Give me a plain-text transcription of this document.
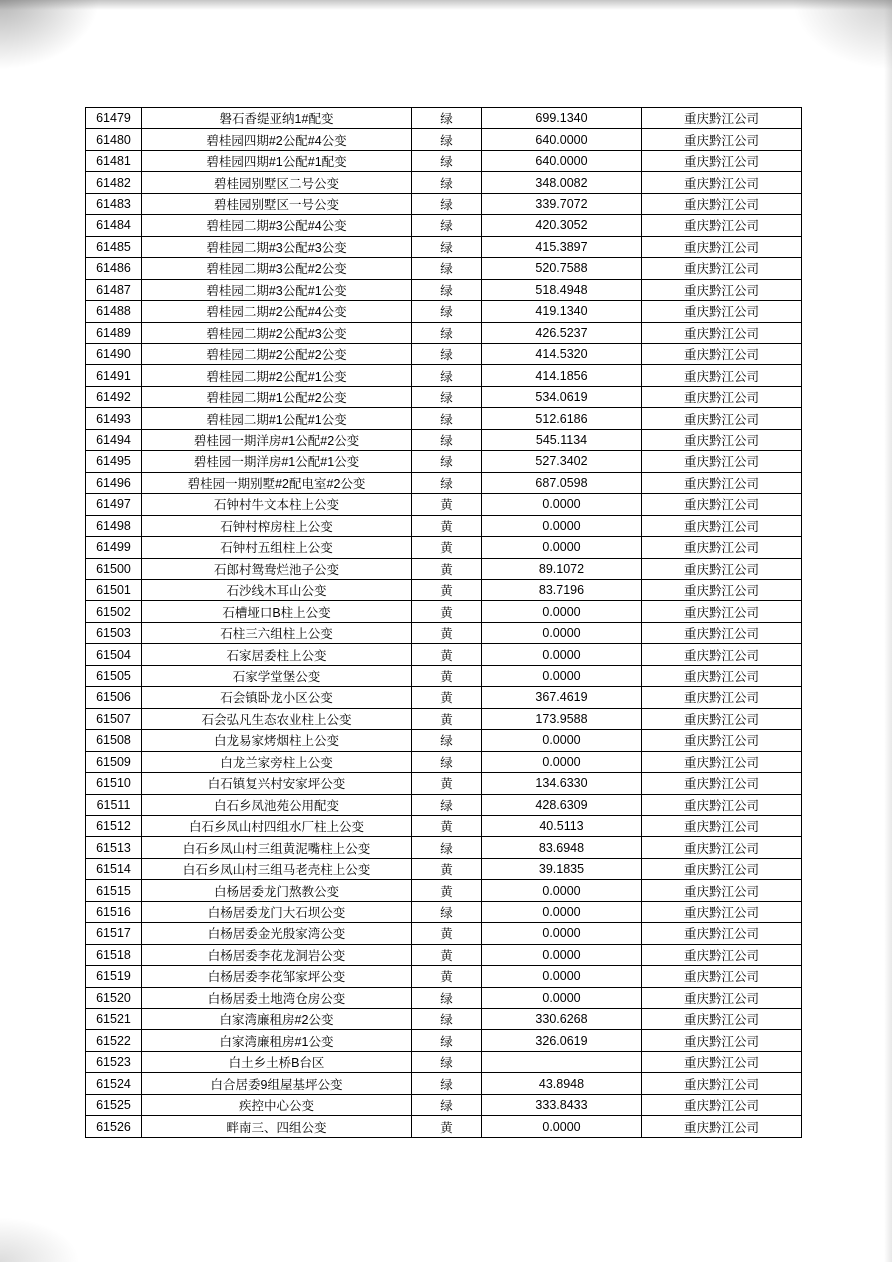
61479	磐石香缇亚纳1#配变	绿	699.1340	重庆黔江公司
61480	碧桂园四期#2公配#4公变	绿	640.0000	重庆黔江公司
61481	碧桂园四期#1公配#1配变	绿	640.0000	重庆黔江公司
61482	碧桂园别墅区二号公变	绿	348.0082	重庆黔江公司
61483	碧桂园别墅区一号公变	绿	339.7072	重庆黔江公司
61484	碧桂园二期#3公配#4公变	绿	420.3052	重庆黔江公司
61485	碧桂园二期#3公配#3公变	绿	415.3897	重庆黔江公司
61486	碧桂园二期#3公配#2公变	绿	520.7588	重庆黔江公司
61487	碧桂园二期#3公配#1公变	绿	518.4948	重庆黔江公司
61488	碧桂园二期#2公配#4公变	绿	419.1340	重庆黔江公司
61489	碧桂园二期#2公配#3公变	绿	426.5237	重庆黔江公司
61490	碧桂园二期#2公配#2公变	绿	414.5320	重庆黔江公司
61491	碧桂园二期#2公配#1公变	绿	414.1856	重庆黔江公司
61492	碧桂园二期#1公配#2公变	绿	534.0619	重庆黔江公司
61493	碧桂园二期#1公配#1公变	绿	512.6186	重庆黔江公司
61494	碧桂园一期洋房#1公配#2公变	绿	545.1134	重庆黔江公司
61495	碧桂园一期洋房#1公配#1公变	绿	527.3402	重庆黔江公司
61496	碧桂园一期别墅#2配电室#2公变	绿	687.0598	重庆黔江公司
61497	石钟村牛文本柱上公变	黄	0.0000	重庆黔江公司
61498	石钟村榨房柱上公变	黄	0.0000	重庆黔江公司
61499	石钟村五组柱上公变	黄	0.0000	重庆黔江公司
61500	石郎村鸳鸯烂池子公变	黄	89.1072	重庆黔江公司
61501	石沙线木耳山公变	黄	83.7196	重庆黔江公司
61502	石槽垭口B柱上公变	黄	0.0000	重庆黔江公司
61503	石柱三六组柱上公变	黄	0.0000	重庆黔江公司
61504	石家居委柱上公变	黄	0.0000	重庆黔江公司
61505	石家学堂堡公变	黄	0.0000	重庆黔江公司
61506	石会镇卧龙小区公变	黄	367.4619	重庆黔江公司
61507	石会弘凡生态农业柱上公变	黄	173.9588	重庆黔江公司
61508	白龙易家烤烟柱上公变	绿	0.0000	重庆黔江公司
61509	白龙兰家旁柱上公变	绿	0.0000	重庆黔江公司
61510	白石镇复兴村安家坪公变	黄	134.6330	重庆黔江公司
61511	白石乡凤池苑公用配变	绿	428.6309	重庆黔江公司
61512	白石乡凤山村四组水厂柱上公变	黄	40.5113	重庆黔江公司
61513	白石乡凤山村三组黄泥嘴柱上公变	绿	83.6948	重庆黔江公司
61514	白石乡凤山村三组马老壳柱上公变	黄	39.1835	重庆黔江公司
61515	白杨居委龙门熬教公变	黄	0.0000	重庆黔江公司
61516	白杨居委龙门大石坝公变	绿	0.0000	重庆黔江公司
61517	白杨居委金光殷家湾公变	黄	0.0000	重庆黔江公司
61518	白杨居委李花龙洞岩公变	黄	0.0000	重庆黔江公司
61519	白杨居委李花邹家坪公变	黄	0.0000	重庆黔江公司
61520	白杨居委土地湾仓房公变	绿	0.0000	重庆黔江公司
61521	白家湾廉租房#2公变	绿	330.6268	重庆黔江公司
61522	白家湾廉租房#1公变	绿	326.0619	重庆黔江公司
61523	白土乡土桥B台区	绿		重庆黔江公司
61524	白合居委9组屋基坪公变	绿	43.8948	重庆黔江公司
61525	疾控中心公变	绿	333.8433	重庆黔江公司
61526	畔南三、四组公变	黄	0.0000	重庆黔江公司
